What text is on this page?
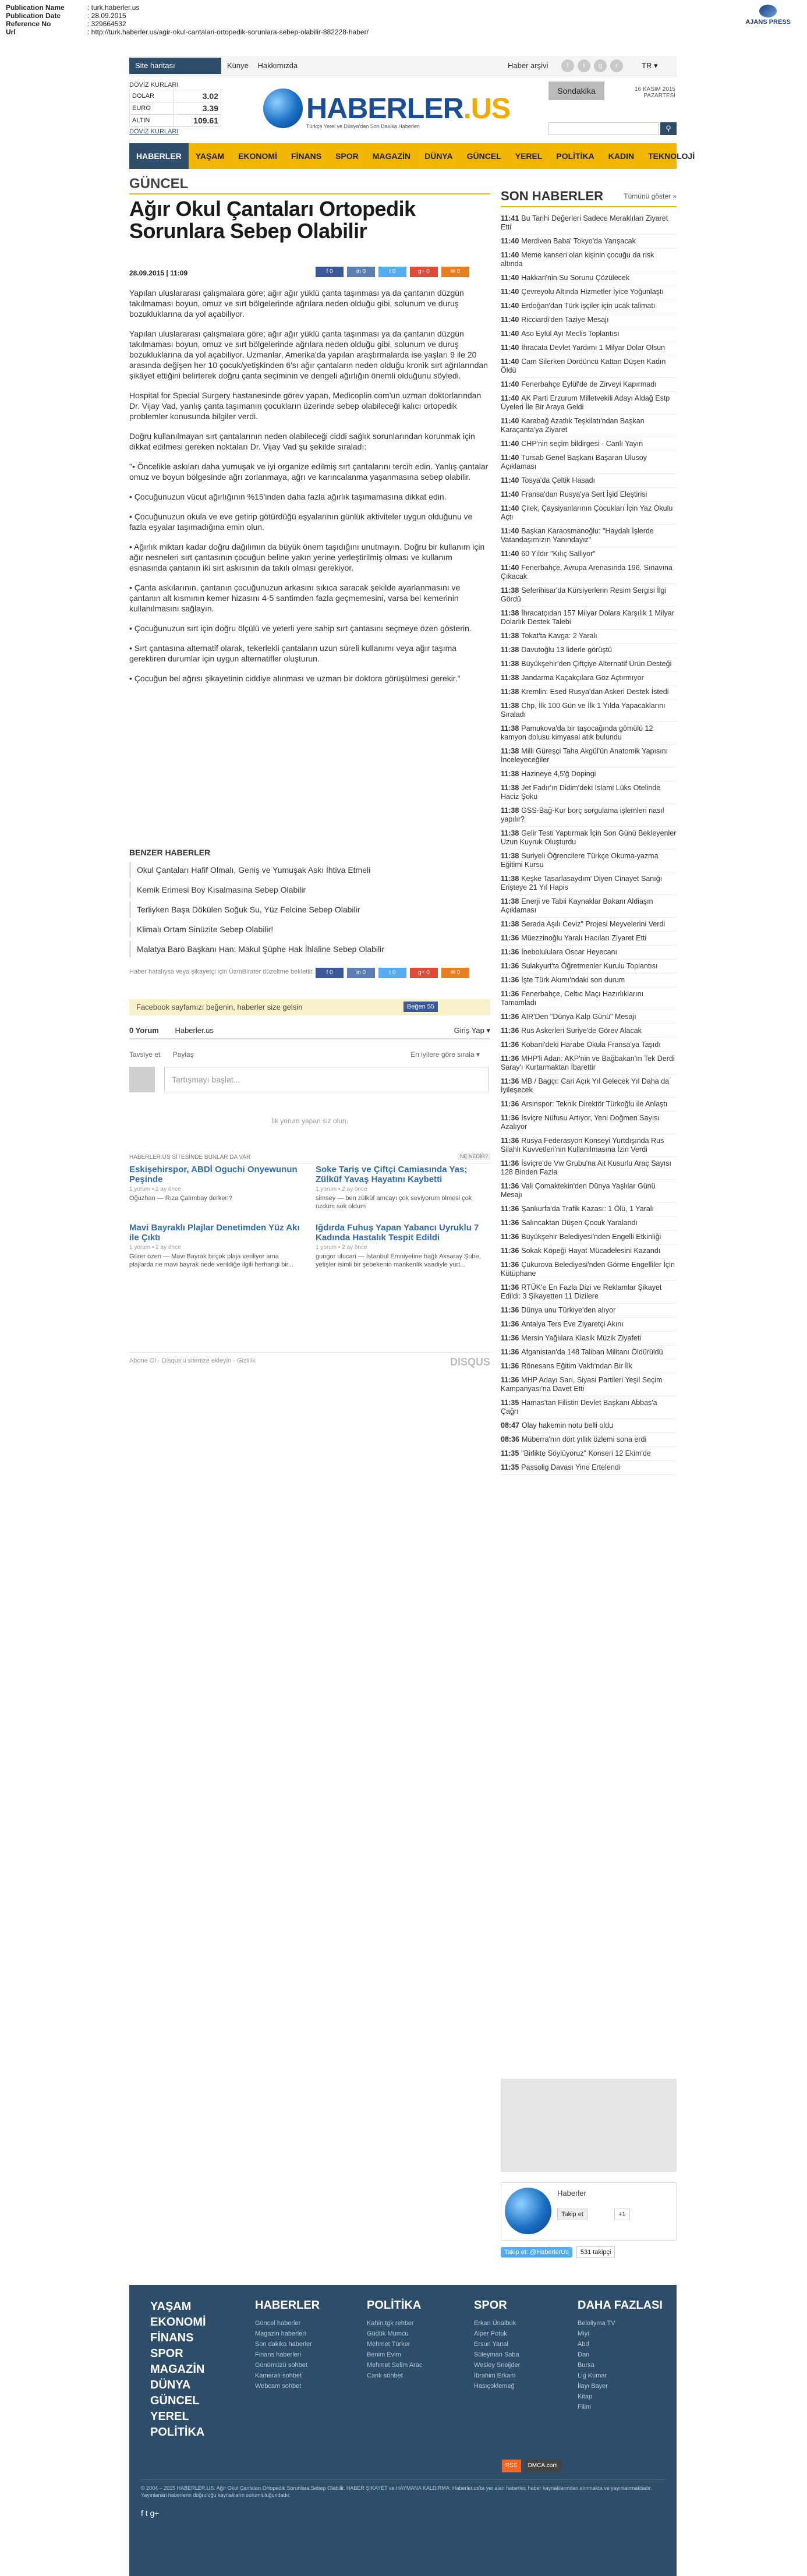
Publication Name	: turk.haberler.us
Publication Date	: 28.09.2015
Reference No	: 329664532
Url	: http://turk.haberler.us/agir-okul-cantalari-ortopedik-sorunlara-sebep-olabilir-882228-haber/
AJANS PRESS
Site haritası	Künye Hakkımızda	Haber arşivi	f	t	g	r	TR ▾
DÖVİZ KURLARI
DOLAR	3.02
EURO	3.39
ALTIN	109.61
DÖVİZ KURLARI
HABERLER.US
Türkçe Yerel ve Dünya'dan Son Dakika Haberleri
Sondakika	16 KASIM 2015
PAZARTESİ
⚲
HABERLER	YAŞAM	EKONOMİ	FİNANS	SPOR	MAGAZİN	DÜNYA	GÜNCEL	YEREL	POLİTİKA	KADIN	TEKNOLOJİ
GÜNCEL
Ağır Okul Çantaları Ortopedik Sorunlara Sebep Olabilir
28.09.2015 | 11:09	f 0	in 0	t 0	g+ 0	✉ 0

Yapılan uluslararası çalışmalara göre; ağır ağır yüklü çanta taşınması ya da çantanın düzgün takılmaması boyun, omuz ve sırt bölgelerinde ağrılara neden olduğu gibi, solunum ve duruş bozukluklarına da yol açabiliyor.

Yapılan uluslararası çalışmalara göre; ağır ağır yüklü çanta taşınması ya da çantanın düzgün takılmaması boyun, omuz ve sırt bölgelerinde ağrılara neden olduğu gibi, solunum ve duruş bozukluklarına da yol açabiliyor. Uzmanlar, Amerika'da yapılan araştırmalarda ise yaşları 9 ile 20 arasında değişen her 10 çocuk/yetişkinden 6'sı ağır çantaların neden olduğu kronik sırt ağrılarından şikâyet ettiğini belirterek doğru çanta seçiminin ve dengeli ağırlığın önemli olduğunu söyledi.

Hospital for Special Surgery hastanesinde görev yapan, Medicoplin.com'un uzman doktorlarından Dr. Vijay Vad, yanlış çanta taşımanın çocukların üzerinde sebep olabileceği kalıcı ortopedik problemler konusunda bilgiler verdi.

Doğru kullanılmayan sırt çantalarının neden olabileceği ciddi sağlık sorunlarından korunmak için dikkat edilmesi gereken noktaları Dr. Vijay Vad şu şekilde sıraladı:

"• Öncelikle askıları daha yumuşak ve iyi organize edilmiş sırt çantalarını tercih edin. Yanlış çantalar omuz ve boyun bölgesinde ağrı zorlanmaya, ağrı ve karıncalanma yaşanmasına sebep olabilir.

• Çocuğunuzun vücut ağırlığının %15'inden daha fazla ağırlık taşımamasına dikkat edin.

• Çocuğunuzun okula ve eve getirip götürdüğü eşyalarının günlük aktiviteler uygun olduğunu ve fazla eşyalar taşımadığına emin olun.

• Ağırlık miktarı kadar doğru dağılımın da büyük önem taşıdığını unutmayın. Doğru bir kullanım için ağır nesneleri sırt çantasının çocuğun beline yakın yerine yerleştirilmiş olması ve kullanım esnasında çantanın iki sırt askısının da takılı olması gerekiyor.

• Çanta askılarının, çantanın çocuğunuzun arkasını sıkıca saracak şekilde ayarlanmasını ve çantanın alt kısmının kemer hizasını 4-5 santimden fazla geçmemesini, varsa bel kemerinin kullanılmasını sağlayın.

• Çocuğunuzun sırt için doğru ölçülü ve yeterli yere sahip sırt çantasını seçmeye özen gösterin.

• Sırt çantasına alternatif olarak, tekerlekli çantaların uzun süreli kullanımı veya ağır taşıma gerektiren durumlar için uygun alternatifler oluşturun.

• Çocuğun bel ağrısı şikayetinin ciddiye alınması ve uzman bir doktora görüşülmesi gerekir."

BENZER HABERLER
Okul Çantaları Hafif Olmalı, Geniş ve Yumuşak Askı İhtiva Etmeli
Kemik Erimesi Boy Kısalmasına Sebep Olabilir
Terliyken Başa Dökülen Soğuk Su, Yüz Felcine Sebep Olabilir
Klimalı Ortam Sinüzite Sebep Olabilir!
Malatya Baro Başkanı Han: Makul Şüphe Hak İhlaline Sebep Olabilir
Haber hatalıysa veya şikayetçi için ÜzmBirater düzeltme bekletiir.	f 0	in 0	t 0	g+ 0	✉ 0
Facebook sayfamızı beğenin, haberler size gelsin	Beğen 55
0 Yorum Haberler.us	Giriş Yap ▾
Tavsiye et Paylaş	En iyilere göre sırala ▾
Tartışmayı başlat...
İlk yorum yapan siz olun.
HABERLER.US SİTESİNDE BUNLAR DA VAR	NE NEDİR?
Eskişehirspor, ABDİ Oguchi Onyewunun Peşinde
1 yorum • 2 ay önce
Oğuzhan — Rıza Çalımbay derken?
Soke Tariş ve Çiftçi Camiasında Yas; Zülküf Yavaş Hayatını Kaybetti
1 yorum • 2 ay önce
simsey — ben zülküf amcayı çok seviyorum ölmesi çok üzdüm sok oldum
Mavi Bayraklı Plajlar Denetimden Yüz Akı ile Çıktı
1 yorum • 2 ay önce
Gürer özen — Mavi Bayrak birçok plaja veriliyor ama plajlarda ne mavi bayrak nede verildiğe ilgili herhangi bir...
Iğdırda Fuhuş Yapan Yabancı Uyruklu 7 Kadında Hastalık Tespit Edildi
1 yorum • 2 ay önce
gungor ulucan — İstanbul Emniyetine bağlı Aksaray Şube, yetişler isimli bir şebekenin mankenlik vaadiyle yurt...
Abone Ol · Disqus'u sitenize ekleyin · Gizlilik	DISQUS
SON HABERLER	Tümünü göster »
11:41 Bu Tarihi Değerleri Sadece Meraklıları Ziyaret Etti
11:40 Merdiven Baba' Tokyo'da Yarışacak
11:40 Meme kanseri olan kişinin çocuğu da risk altında
11:40 Hakkari'nin Su Sorunu Çözülecek
11:40 Çevreyolu Altında Hizmetler İyice Yoğunlaştı
11:40 Erdoğan'dan Türk işçiler için ucak talimatı
11:40 Ricciardi'den Taziye Mesajı
11:40 Aso Eylül Ayı Meclis Toplantısı
11:40 İhracata Devlet Yardımı 1 Milyar Dolar Olsun
11:40 Cam Silerken Dördüncü Kattan Düşen Kadın Öldü
11:40 Fenerbahçe Eylül'de de Zirveyi Kapırmadı
11:40 AK Parti Erzurum Milletvekili Adayı Aldağ Estp Üyeleri İle Bir Araya Geldi
11:40 Karabağ Azatlık Teşkilatı'ndan Başkan Karaçanta'ya Ziyaret
11:40 CHP'nin seçim bildirgesi - Canlı Yayın
11:40 Tursab Genel Başkanı Başaran Ulusoy Açıklaması
11:40 Tosya'da Çeltik Hasadı
11:40 Fransa'dan Rusya'ya Sert İşid Eleştirisi
11:40 Çilek, Çaysiyanlarının Çocukları İçin Yaz Okulu Açtı
11:40 Başkan Karaosmanoğlu: "Haydalı İşlerde Vatandaşımızın Yanındayız"
11:40 60 Yıldır "Kılıç Salliyor"
11:40 Fenerbahçe, Avrupa Arenasında 196. Sınavına Çıkacak
11:38 Seferihisar'da Kürsiyerlerin Resim Sergisi İlgi Gördü
11:38 İhracatçıdan 157 Milyar Dolara Karşılık 1 Milyar Dolarlık Destek Talebi
11:38 Tokat'ta Kavga: 2 Yaralı
11:38 Davutoğlu 13 liderle görüştü
11:38 Büyükşehir'den Çiftçiye Alternatif Ürün Desteği
11:38 Jandarma Kaçakçılara Göz Açtırmıyor
11:38 Kremlin: Esed Rusya'dan Askeri Destek İstedi
11:38 Chp, İlk 100 Gün ve İlk 1 Yılda Yapacaklarını Sıraladı
11:38 Pamukova'da bir taşocağında gömülü 12 kamyon dolusu kimyasal atık bulundu
11:38 Milli Güreşçi Taha Akgül'ün Anatomik Yapısını İnceleyeceğiler
11:38 Hazineye 4,5'ğ Dopingi
11:38 Jet Fadır'ın Didim'deki İslami Lüks Otelinde Haciz Şoku
11:38 GSS-Bağ-Kur borç sorgulama işlemleri nasıl yapılır?
11:38 Gelir Testi Yaptırmak İçin Son Günü Bekleyenler Uzun Kuyruk Oluşturdu
11:38 Suriyeli Öğrencilere Türkçe Okuma-yazma Eğitimi Kursu
11:38 Keşke Tasarlasaydım' Diyen Cinayet Sanığı Erişteye 21 Yıl Hapis
11:38 Enerji ve Tabii Kaynaklar Bakanı Aldiaşın Açıklaması
11:38 Serada Aşılı Ceviz" Projesi Meyvelerini Verdi
11:36 Müezzinoğlu Yaralı Hacıları Ziyaret Etti
11:36 İnebolululara Oscar Heyecanı
11:36 Sulakyurt'ta Öğretmenler Kurulu Toplantısı
11:36 İşte Türk Akımı'ndaki son durum
11:36 Fenerbahçe, Celtıc Maçı Hazırlıklarını Tamamladı
11:36 AIR'Den "Dünya Kalp Günü" Mesajı
11:36 Rus Askerleri Suriye'de Görev Alacak
11:36 Kobani'deki Harabe Okula Fransa'ya Taşıdı
11:36 MHP'li Adan: AKP'nin ve Bağbakan'ın Tek Derdi Saray'ı Kurtarmaktan İbarettir
11:36 MB / Bagçı: Cari Açık Yıl Gelecek Yıl Daha da İyileşecek
11:36 Arsinspor: Teknik Direktör Türkoğlu ile Anlaştı
11:36 İsviçre Nüfusu Artıyor, Yeni Doğmen Sayısı Azalıyor
11:36 Rusya Federasyon Konseyi Yurtdışında Rus Silahlı Kuvvetleri'nin Kullanılmasına İzin Verdi
11:36 İsviçre'de Vw Grubu'na Ait Kusurlu Araç Sayısı 128 Binden Fazla
11:36 Vali Çomaktekin'den Dünya Yaşlılar Günü Mesajı
11:36 Şanlıurfa'da Trafik Kazası: 1 Ölü, 1 Yaralı
11:36 Salıncaktan Düşen Çocuk Yaralandı
11:36 Büyükşehir Belediyesi'nden Engelli Etkinliği
11:36 Sokak Köpeği Hayat Mücadelesini Kazandı
11:36 Çukurova Belediyesi'nden Görme Engelliler İçin Kütüphane
11:36 RTÜK'e En Fazla Dizi ve Reklamlar Şikayet Edildi: 3 Şikayetten 11 Dizilere
11:36 Dünya unu Türkiye'den alıyor
11:36 Antalya Ters Eve Ziyaretçi Akını
11:36 Mersin Yağlılara Klasik Müzik Ziyafeti
11:36 Afganistan'da 148 Taliban Militanı Öldürüldü
11:36 Rönesans Eğitim Vakfı'ndan Bir İlk
11:36 MHP Adayı Sarı, Siyasi Partileri Yeşil Seçim Kampanyası'na Davet Etti
11:35 Hamas'tan Filistin Devlet Başkanı Abbas'a Çağrı
08:47 Olay hakemin notu belli oldu
08:36 Müberra'nın dört yıllık özlemi sona erdi
11:35 "Birlikte Söylüyoruz" Konseri 12 Ekim'de
11:35 Passolig Davası Yine Ertelendi
Haberler
Takip et	+1
Takip et: @HaberlerUs 531 takipçi
YAŞAM
EKONOMİ
FİNANS
SPOR
MAGAZİN
DÜNYA
GÜNCEL
YEREL
POLİTİKA
HABERLER
Güncel haberler
Magazin haberleri
Son dakika haberler
Finans haberleri
Günümüzü sohbet
Kameralı sohbet
Webcam sohbet
POLİTİKA
Kahin.tgk rehber
Güdük Mumcu
Mehmet Türker
Benim Evim
Mehmet Selim Arac
Canlı sohbet
SPOR
Erkan Ünalbuk
Alper Potuk
Ersun Yanal
Süleyman Saba
Wesley Sneijder
İbrahim Erkam
Hasıçoklemeğ
DAHA FAZLASI
Beloliyma TV
Miyi
Abd
Dan
Bursa
Lig Kumar
İlayı Bayer
Kitap
Filim
RSS	DMCA.com
© 2004 – 2015 HABERLER.US. Ağır Okul Çantaları Ortopedik Sorunlara Sebep Olabilir. HABER ŞİKAYET ve HAYMANA KALDIRMA: Haberler.us'ta yer alan haberler, haber kaynaklarından alınmakta ve yayınlanmaktadır. Yayınlanan haberlerin doğruluğu kaynakların sorumluluğundadır.
f t g+
